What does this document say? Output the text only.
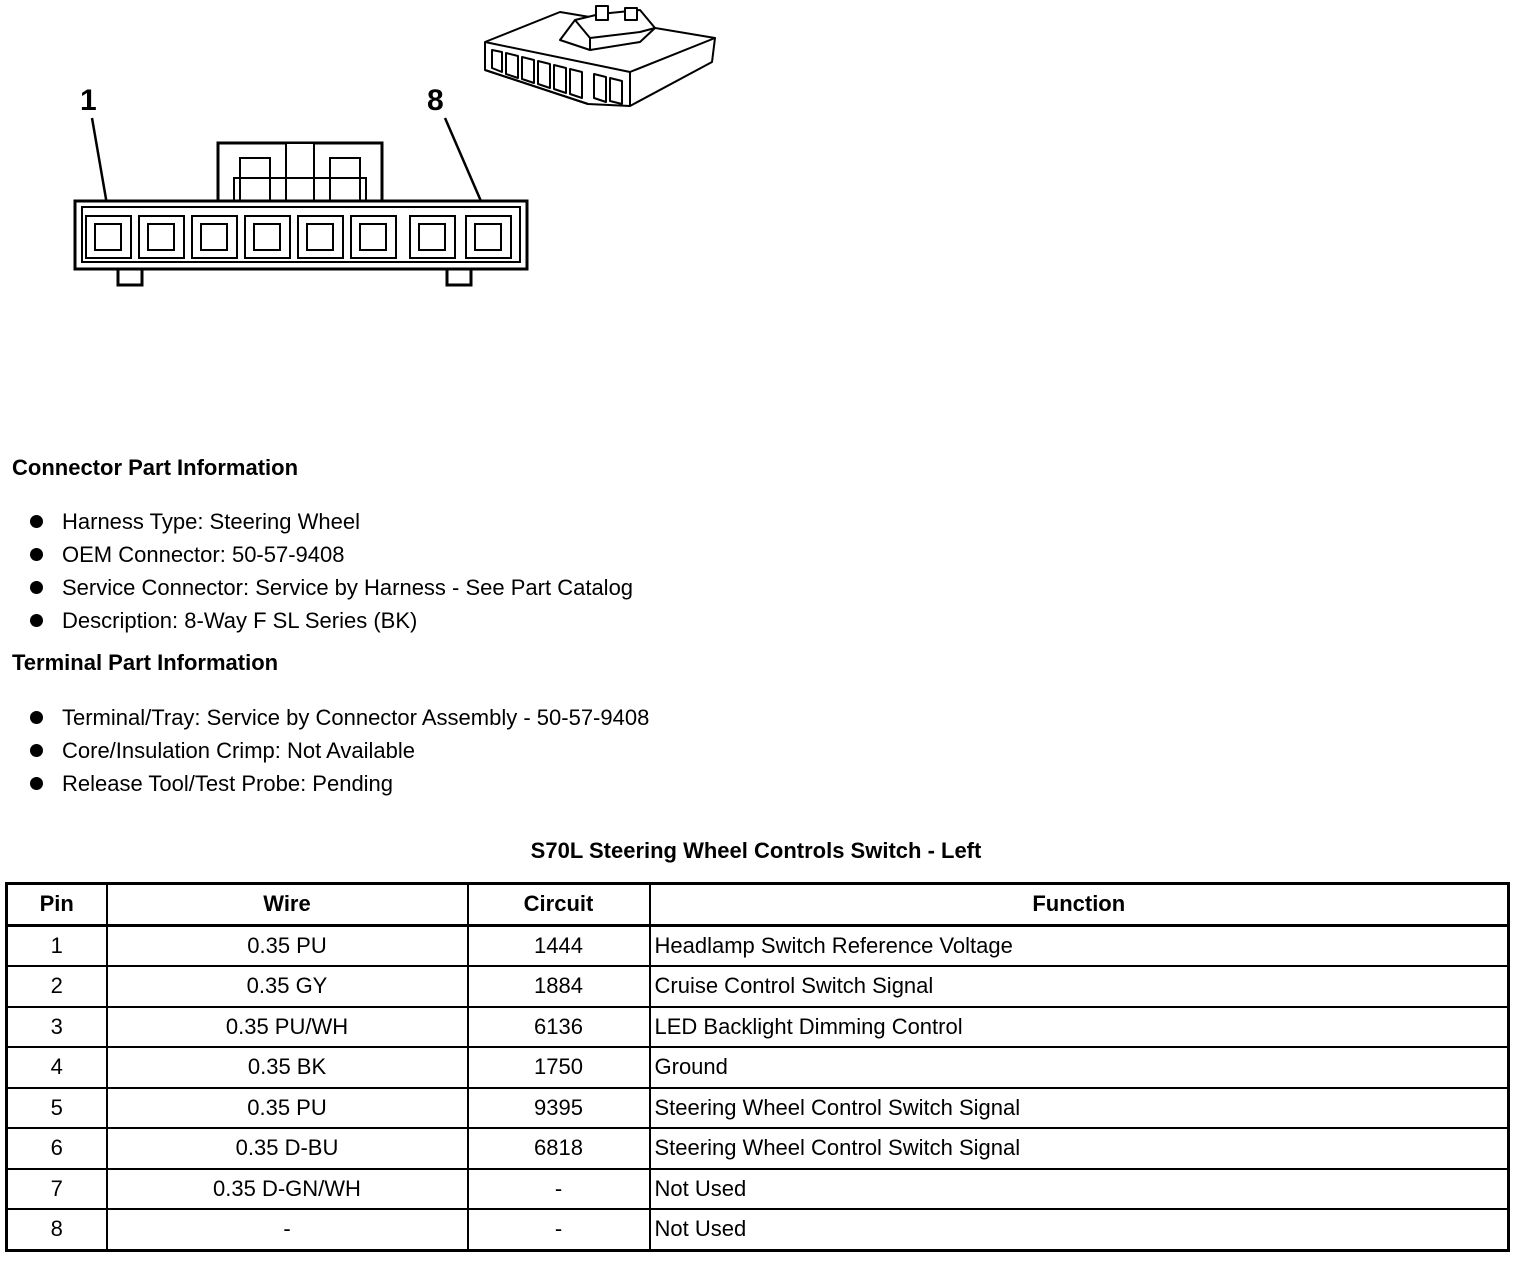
1	8
Connector Part Information
Harness Type: Steering Wheel
OEM Connector: 50-57-9408
Service Connector: Service by Harness - See Part Catalog
Description: 8-Way F SL Series (BK)
Terminal Part Information
Terminal/Tray: Service by Connector Assembly - 50-57-9408
Core/Insulation Crimp: Not Available
Release Tool/Test Probe: Pending
S70L Steering Wheel Controls Switch - Left
Pin	Wire	Circuit	Function
1	0.35 PU	1444	Headlamp Switch Reference Voltage
2	0.35 GY	1884	Cruise Control Switch Signal
3	0.35 PU/WH	6136	LED Backlight Dimming Control
4	0.35 BK	1750	Ground
5	0.35 PU	9395	Steering Wheel Control Switch Signal
6	0.35 D-BU	6818	Steering Wheel Control Switch Signal
7	0.35 D-GN/WH	-	Not Used
8	-	-	Not Used
